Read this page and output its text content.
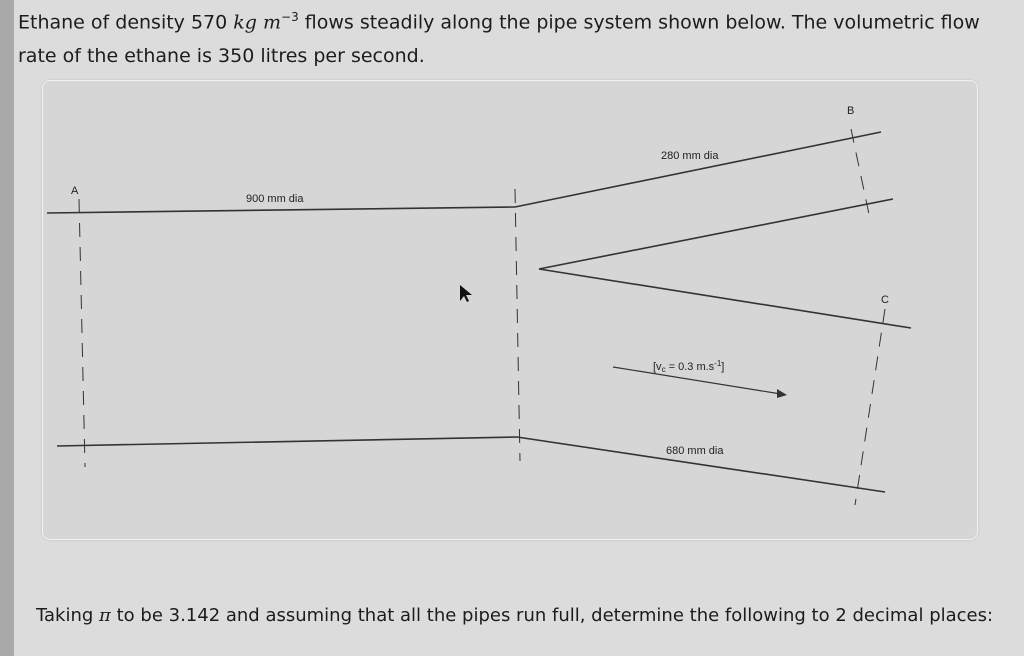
Ethane of density 570 kg $m^{-3}$ flows steadily along the pipe system shown below. The volumetric flow rate of the ethane is 350 litres per second.
A
B
C
900 mm dia
280 mm dia
680 mm dia
[vc = 0.3 $m.s^{-1}$]
Taking π to be 3.142 and assuming that all the pipes run full, determine the following to 2 decimal places:
